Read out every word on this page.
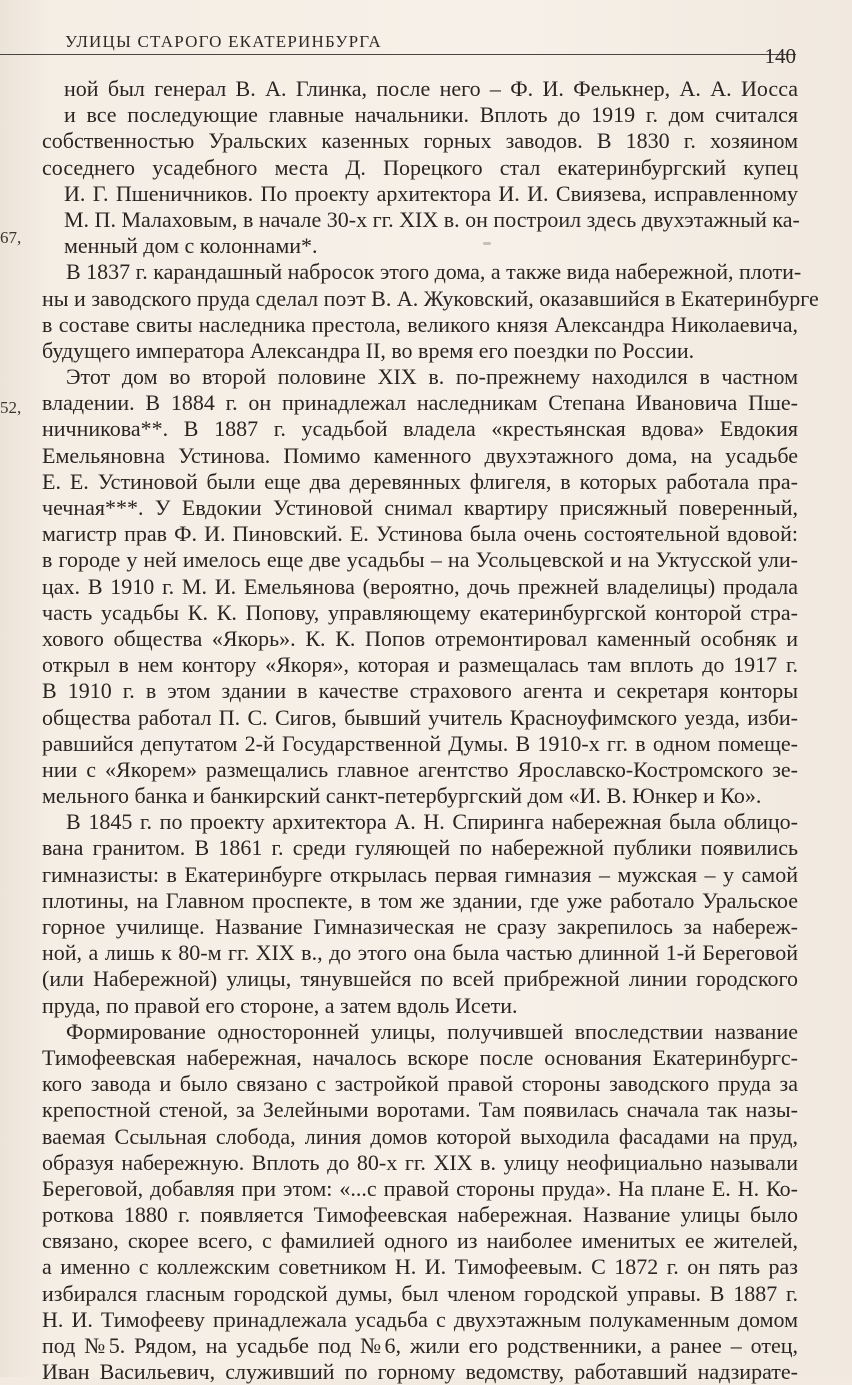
УЛИЦЫ СТАРОГО ЕКАТЕРИНБУРГА
140
67,
52,
ной был генерал В. А. Глинка, после него – Ф. И. Фелькнер, А. А. Иосса
и все последующие главные начальники. Вплоть до 1919 г. дом считался
собственностью Уральских казенных горных заводов. В 1830 г. хозяином
соседнего усадебного места Д. Порецкого стал екатеринбургский купец
И. Г. Пшеничников. По проекту архитектора И. И. Свиязева, исправленному
М. П. Малаховым, в начале 30-х гг. XIX в. он построил здесь двухэтажный ка-
менный дом с колоннами*.
В 1837 г. карандашный набросок этого дома, а также вида набережной, плоти-
ны и заводского пруда сделал поэт В. А. Жуковский, оказавшийся в Екатеринбурге
в составе свиты наследника престола, великого князя Александра Николаевича,
будущего императора Александра II, во время его поездки по России.
Этот дом во второй половине XIX в. по-прежнему находился в частном
владении. В 1884 г. он принадлежал наследникам Степана Ивановича Пше-
ничникова**. В 1887 г. усадьбой владела «крестьянская вдова» Евдокия
Емельяновна Устинова. Помимо каменного двухэтажного дома, на усадьбе
Е. Е. Устиновой были еще два деревянных флигеля, в которых работала пра-
чечная***. У Евдокии Устиновой снимал квартиру присяжный поверенный,
магистр прав Ф. И. Пиновский. Е. Устинова была очень состоятельной вдовой:
в городе у ней имелось еще две усадьбы – на Усольцевской и на Уктусской ули-
цах. В 1910 г. М. И. Емельянова (вероятно, дочь прежней владелицы) продала
часть усадьбы К. К. Попову, управляющему екатеринбургской конторой стра-
хового общества «Якорь». К. К. Попов отремонтировал каменный особняк и
открыл в нем контору «Якоря», которая и размещалась там вплоть до 1917 г.
В 1910 г. в этом здании в качестве страхового агента и секретаря конторы
общества работал П. С. Сигов, бывший учитель Красноуфимского уезда, изби-
равшийся депутатом 2-й Государственной Думы. В 1910-х гг. в одном помеще-
нии с «Якорем» размещались главное агентство Ярославско-Костромского зе-
мельного банка и банкирский санкт-петербургский дом «И. В. Юнкер и Ко».
В 1845 г. по проекту архитектора А. Н. Спиринга набережная была облицо-
вана гранитом. В 1861 г. среди гуляющей по набережной публики появились
гимназисты: в Екатеринбурге открылась первая гимназия – мужская – у самой
плотины, на Главном проспекте, в том же здании, где уже работало Уральское
горное училище. Название Гимназическая не сразу закрепилось за набереж-
ной, а лишь к 80-м гг. XIX в., до этого она была частью длинной 1-й Береговой
(или Набережной) улицы, тянувшейся по всей прибрежной линии городского
пруда, по правой его стороне, а затем вдоль Исети.
Формирование односторонней улицы, получившей впоследствии название
Тимофеевская набережная, началось вскоре после основания Екатеринбургс-
кого завода и было связано с застройкой правой стороны заводского пруда за
крепостной стеной, за Зелейными воротами. Там появилась сначала так назы-
ваемая Ссыльная слобода, линия домов которой выходила фасадами на пруд,
образуя набережную. Вплоть до 80-х гг. XIX в. улицу неофициально называли
Береговой, добавляя при этом: «...с правой стороны пруда». На плане Е. Н. Ко-
роткова 1880 г. появляется Тимофеевская набережная. Название улицы было
связано, скорее всего, с фамилией одного из наиболее именитых ее жителей,
а именно с коллежским советником Н. И. Тимофеевым. С 1872 г. он пять раз
избирался гласным городской думы, был членом городской управы. В 1887 г.
Н. И. Тимофееву принадлежала усадьба с двухэтажным полукаменным домом
под №5. Рядом, на усадьбе под №6, жили его родственники, а ранее – отец,
Иван Васильевич, служивший по горному ведомству, работавший надзирате-
